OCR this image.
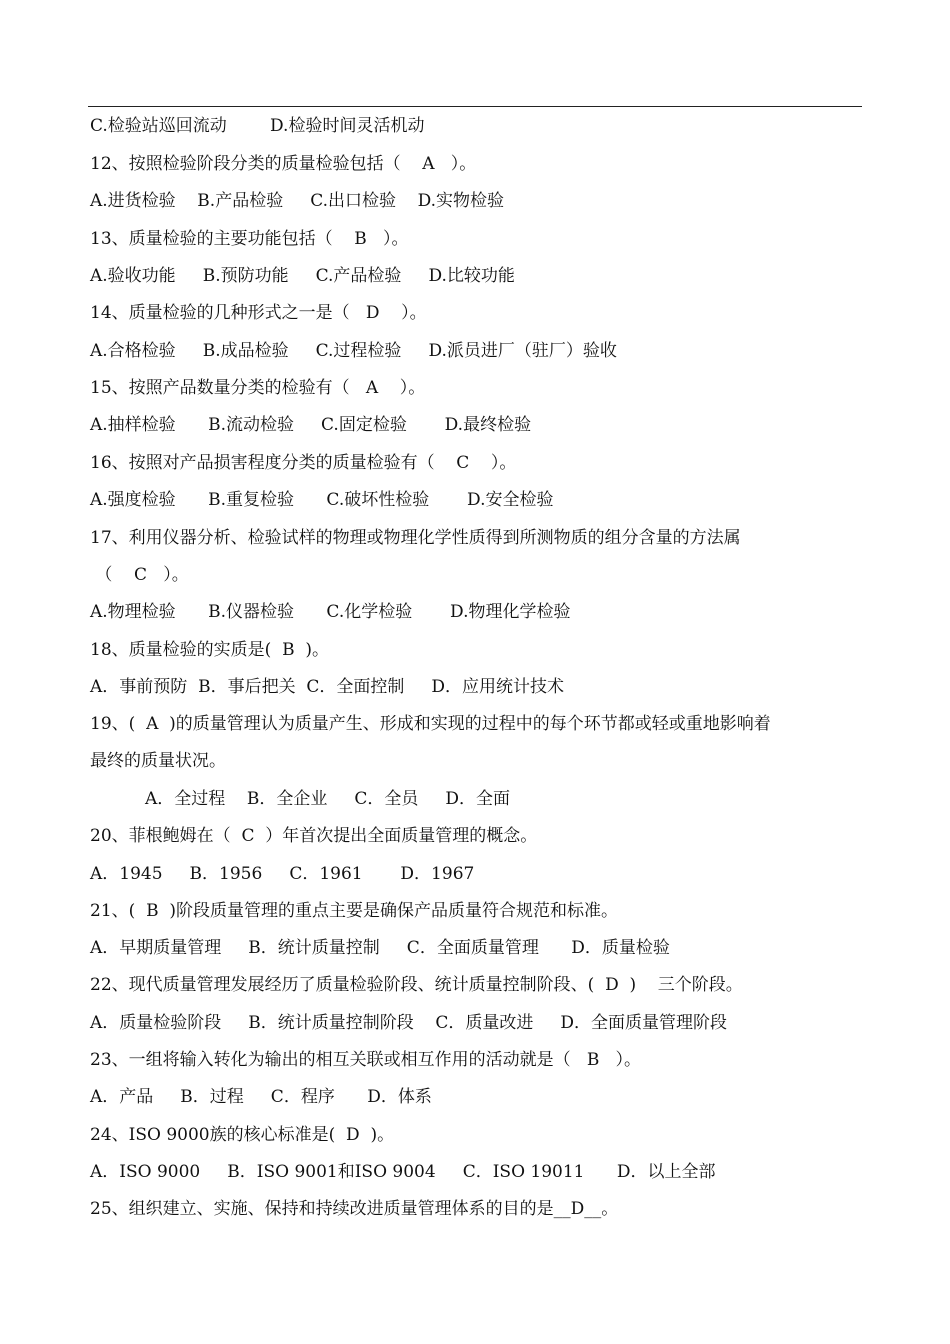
C.检验站巡回流动        D.检验时间灵活机动
12、按照检验阶段分类的质量检验包括（    A   ）。
A.进货检验    B.产品检验     C.出口检验    D.实物检验
13、质量检验的主要功能包括（    B   ）。
A.验收功能     B.预防功能     C.产品检验     D.比较功能
14、质量检验的几种形式之一是（   D    ）。
A.合格检验     B.成品检验     C.过程检验     D.派员进厂（驻厂）验收
15、按照产品数量分类的检验有（   A    ）。
A.抽样检验      B.流动检验     C.固定检验       D.最终检验
16、按照对产品损害程度分类的质量检验有（    C    ）。
A.强度检验      B.重复检验      C.破坏性检验       D.安全检验
17、利用仪器分析、检验试样的物理或物理化学性质得到所测物质的组分含量的方法属
（    C   ）。
A.物理检验      B.仪器检验      C.化学检验       D.物理化学检验
18、质量检验的实质是(  B  )。
A．事前预防  B．事后把关  C．全面控制     D．应用统计技术
19、(  A  )的质量管理认为质量产生、形成和实现的过程中的每个环节都或轻或重地影响着
最终的质量状况。
A．全过程    B．全企业     C．全员     D．全面
20、菲根鲍姆在（  C  ）年首次提出全面质量管理的概念。
A．1945     B．1956     C．1961       D．1967
21、(  B  )阶段质量管理的重点主要是确保产品质量符合规范和标准。
A．早期质量管理     B．统计质量控制     C．全面质量管理      D．质量检验
22、现代质量管理发展经历了质量检验阶段、统计质量控制阶段、(  D  )    三个阶段。
A．质量检验阶段     B．统计质量控制阶段    C．质量改进     D．全面质量管理阶段
23、一组将输入转化为输出的相互关联或相互作用的活动就是（   B   ）。
A．产品     B．过程     C．程序      D．体系
24、ISO 9000族的核心标准是(  D  )。
A．ISO 9000     B．ISO 9001和ISO 9004     C．ISO 19011      D．以上全部
25、组织建立、实施、保持和持续改进质量管理体系的目的是__D__。
